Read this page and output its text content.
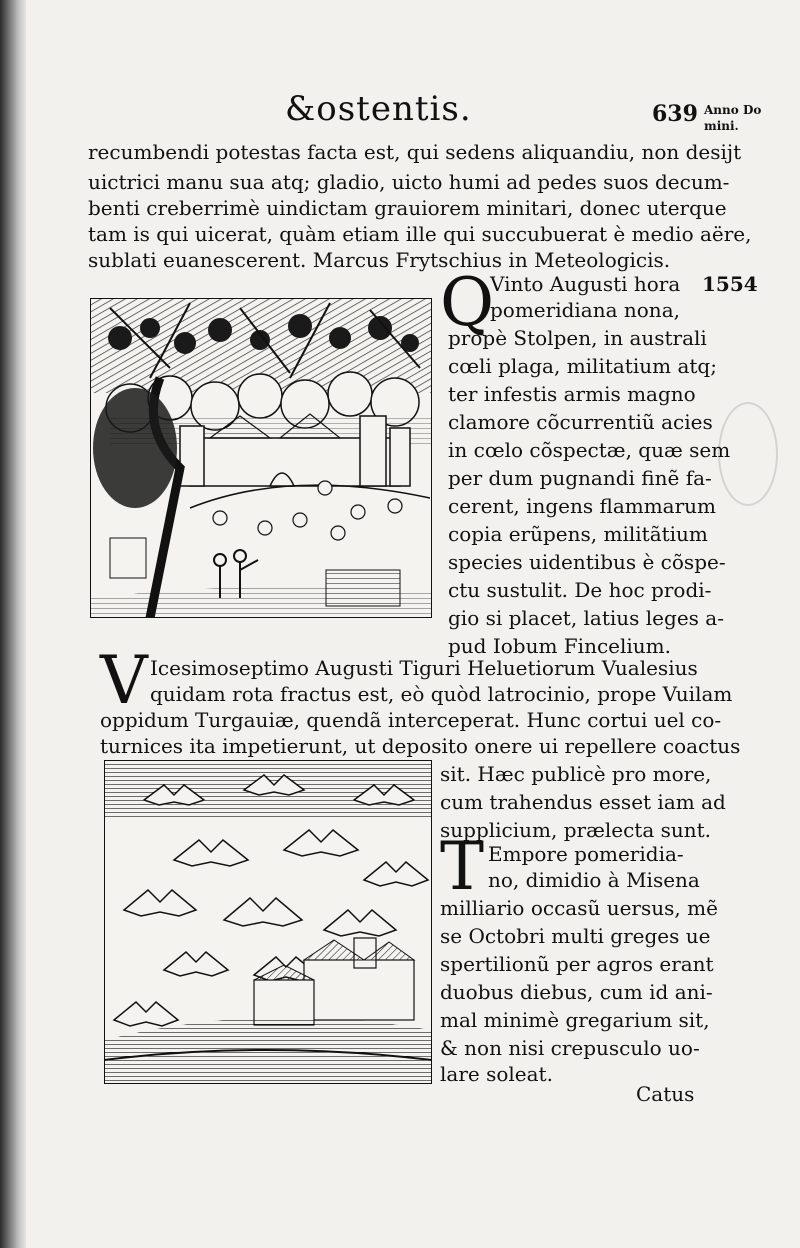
&ostentis.	639 Anno Do
mini.
recumbendi potestas facta est, qui sedens aliquandiu, non desijt
uictrici manu sua atq; gladio, uicto humi ad pedes suos decum-
benti creberrimè uindictam grauiorem minitari, donec uterque
tam is qui uicerat, quàm etiam ille qui succubuerat è medio aëre,
sublati euanescerent. Marcus Frytschius in Meteologicis.
Q
Vinto Augusti hora 1554
pomeridiana nona,
propè Stolpen, in australi
cœli plaga, militatium atq;
ter infestis armis magno
clamore cõcurrentiũ acies
in cœlo cõspectæ, quæ sem
per dum pugnandi finẽ fa-
cerent, ingens flammarum
copia erũpens, militãtium
species uidentibus è cõspe-
ctu sustulit. De hoc prodi-
gio si placet, latius leges a-
pud Iobum Fincelium.
V Icesimoseptimo Augusti Tiguri Heluetiorum Vualesius
quidam rota fractus est, eò quòd latrocinio, prope Vuilam
oppidum Turgauiæ, quendã interceperat. Hunc cortui uel co-
turnices ita impetierunt, ut deposito onere ui repellere coactus
sit. Hæc publicè pro more,
cum trahendus esset iam ad
supplicium, prælecta sunt.
T Empore pomeridia-
no, dimidio à Misena
milliario occasũ uersus, mẽ
se Octobri multi greges ue
spertilionũ per agros erant
duobus diebus, cum id ani-
mal minimè gregarium sit,
& non nisi crepusculo uo-
lare soleat.
Catus
